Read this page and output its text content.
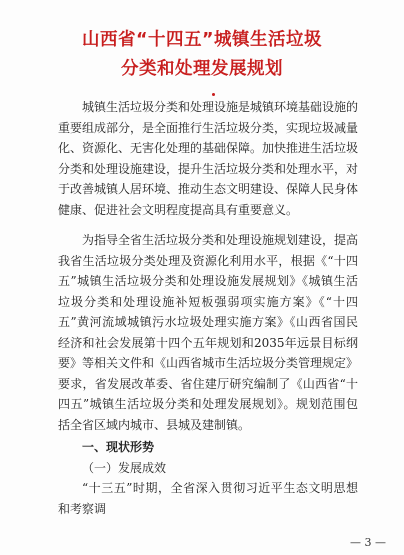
山西省“十四五”城镇生活垃圾
分类和处理发展规划

城镇生活垃圾分类和处理设施是城镇环境基础设施的重要组成部分，是全面推行生活垃圾分类，实现垃圾减量化、资源化、无害化处理的基础保障。加快推进生活垃圾分类和处理设施建设，提升生活垃圾分类和处理水平，对于改善城镇人居环境、推动生态文明建设、保障人民身体健康、促进社会文明程度提高具有重要意义。

为指导全省生活垃圾分类和处理设施规划建设，提高我省生活垃圾分类处理及资源化利用水平，根据《“十四五”城镇生活垃圾分类和处理设施发展规划》《城镇生活垃圾分类和处理设施补短板强弱项实施方案》《“十四五”黄河流域城镇污水垃圾处理实施方案》《山西省国民经济和社会发展第十四个五年规划和2035年远景目标纲要》等相关文件和《山西省城市生活垃圾分类管理规定》要求，省发展改革委、省住建厅研究编制了《山西省“十四五”城镇生活垃圾分类和处理发展规划》。规划范围包括全省区域内城市、县城及建制镇。

一、现状形势
（一）发展成效

“十三五”时期，全省深入贯彻习近平生态文明思想和考察调

— 3 —
